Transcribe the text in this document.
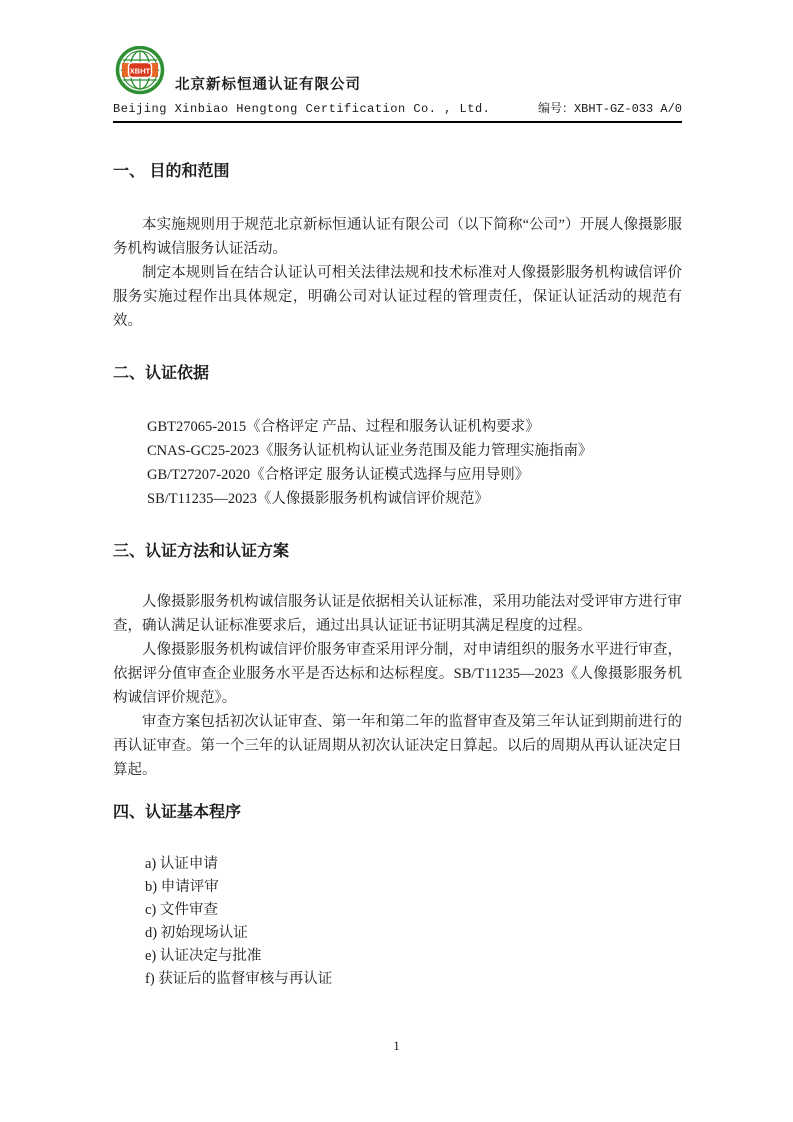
XBHT
北京新标恒通认证有限公司
Beijing Xinbiao Hengtong Certification Co. , Ltd.	编号：XBHT-GZ-033 A/0
一、 目的和范围

本实施规则用于规范北京新标恒通认证有限公司（以下简称“公司”）开展人像摄影服务机构诚信服务认证活动。

制定本规则旨在结合认证认可相关法律法规和技术标准对人像摄影服务机构诚信评价服务实施过程作出具体规定，明确公司对认证过程的管理责任，保证认证活动的规范有效。

二、认证依据
GBT27065-2015《合格评定 产品、过程和服务认证机构要求》
CNAS-GC25-2023《服务认证机构认证业务范围及能力管理实施指南》
GB/T27207-2020《合格评定 服务认证模式选择与应用导则》
SB/T11235—2023《人像摄影服务机构诚信评价规范》
三、认证方法和认证方案

人像摄影服务机构诚信服务认证是依据相关认证标准，采用功能法对受评审方进行审查，确认满足认证标准要求后，通过出具认证证书证明其满足程度的过程。

人像摄影服务机构诚信评价服务审查采用评分制，对申请组织的服务水平进行审查，依据评分值审查企业服务水平是否达标和达标程度。SB/T11235—2023《人像摄影服务机构诚信评价规范》。

审查方案包括初次认证审查、第一年和第二年的监督审查及第三年认证到期前进行的再认证审查。第一个三年的认证周期从初次认证决定日算起。以后的周期从再认证决定日算起。

四、认证基本程序
a) 认证申请
b) 申请评审
c) 文件审查
d) 初始现场认证
e) 认证决定与批准
f) 获证后的监督审核与再认证
1
